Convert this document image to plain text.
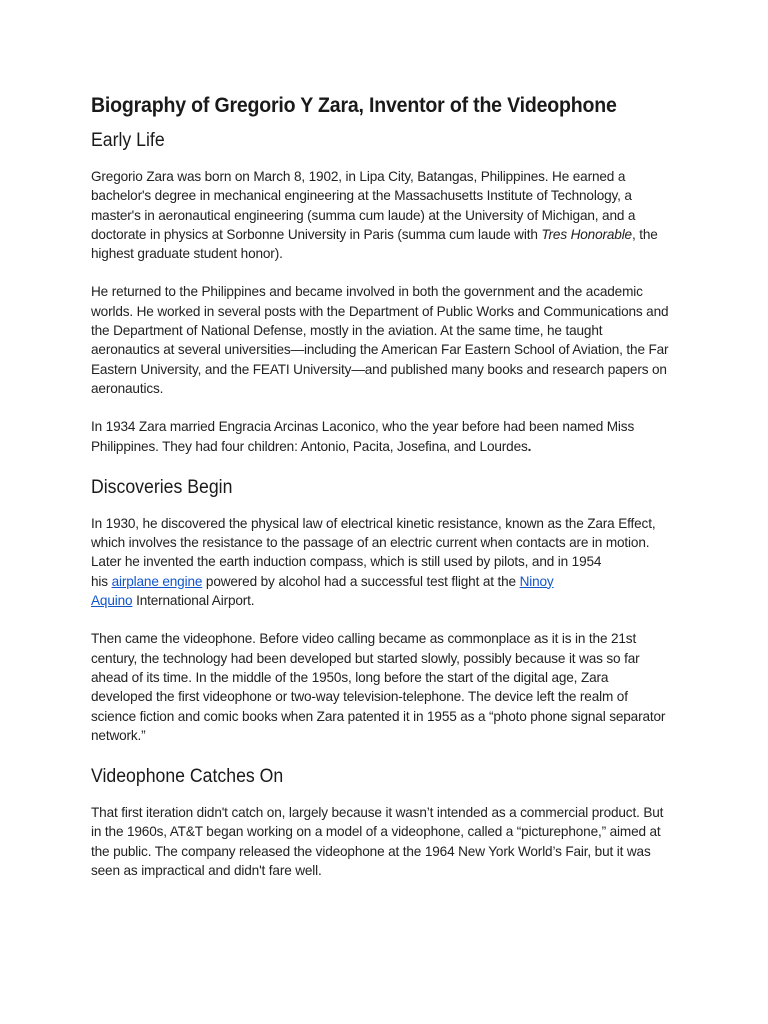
Biography of Gregorio Y Zara, Inventor of the Videophone
Early Life

Gregorio Zara was born on March 8, 1902, in Lipa City, Batangas, Philippines. He earned a
bachelor's degree in mechanical engineering at the Massachusetts Institute of Technology, a
master's in aeronautical engineering (summa cum laude) at the University of Michigan, and a
doctorate in physics at Sorbonne University in Paris (summa cum laude with Tres Honorable, the
highest graduate student honor).

He returned to the Philippines and became involved in both the government and the academic
worlds. He worked in several posts with the Department of Public Works and Communications and
the Department of National Defense, mostly in the aviation. At the same time, he taught
aeronautics at several universities—including the American Far Eastern School of Aviation, the Far
Eastern University, and the FEATI University—and published many books and research papers on
aeronautics.

In 1934 Zara married Engracia Arcinas Laconico, who the year before had been named Miss
Philippines. They had four children: Antonio, Pacita, Josefina, and Lourdes.

Discoveries Begin

In 1930, he discovered the physical law of electrical kinetic resistance, known as the Zara Effect,
which involves the resistance to the passage of an electric current when contacts are in motion.
Later he invented the earth induction compass, which is still used by pilots, and in 1954
his airplane engine powered by alcohol had a successful test flight at the Ninoy
Aquino International Airport.

Then came the videophone. Before video calling became as commonplace as it is in the 21st
century, the technology had been developed but started slowly, possibly because it was so far
ahead of its time. In the middle of the 1950s, long before the start of the digital age, Zara
developed the first videophone or two-way television-telephone. The device left the realm of
science fiction and comic books when Zara patented it in 1955 as a “photo phone signal separator
network.”

Videophone Catches On

That first iteration didn't catch on, largely because it wasn’t intended as a commercial product. But
in the 1960s, AT&T began working on a model of a videophone, called a “picturephone,” aimed at
the public. The company released the videophone at the 1964 New York World’s Fair, but it was
seen as impractical and didn't fare well.
